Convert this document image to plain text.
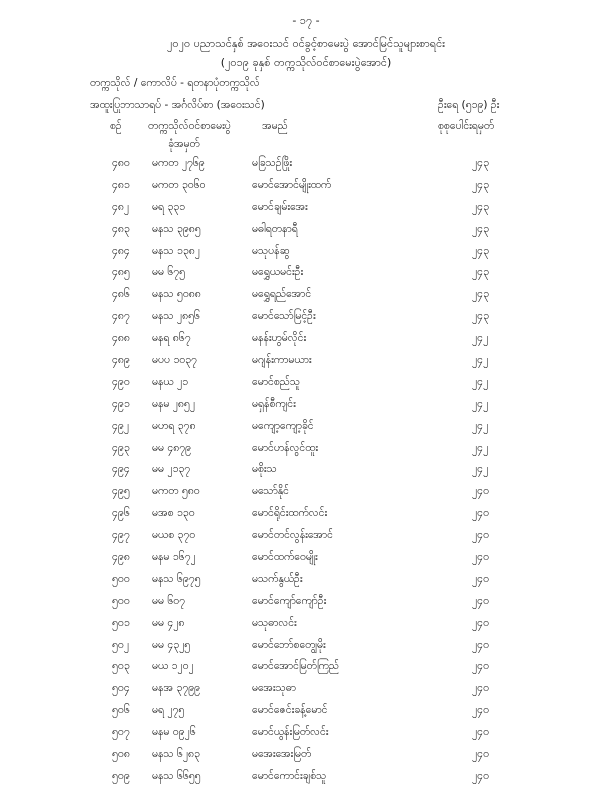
- ၁၇ -
၂၀၂၀ ပညာသင်နှစ် အဝေးသင် ဝင်ခွင့်စာမေးပွဲ အောင်မြင်သူများစာရင်း
(၂၀၁၉ ခုနှစ် တက္ကသိုလ်ဝင်စာမေးပွဲအောင်)
တက္ကသိုလ် / ကောလိပ် - ရတနာပုံတက္ကသိုလ်
အထူးပြုဘာသာရပ် - အင်္ဂလိပ်စာ (အဝေးသင်)	ဦးရေ (၅၁၉) ဦး
စဉ်	တက္ကသိုလ်ဝင်စာမေးပွဲ
ခုံအမှတ်
အမည်	စုစုပေါင်းရမှတ်
၄၈၀ မကတ ၂၇၆၉	မခြသဉ်ဖြိုး	၂၄၃
၄၈၁ မကတ ၃၀၆၀	မောင်အောင်မျိုးထက်	၂၄၃
၄၈၂ မရ ၃၃၁	မောင်ချမ်းအေး	၂၄၃
၄၈၃ မနသ ၃၉၈၅	မဓါရတနာရီ	၂၄၃
၄၈၄ မနသ ၁၃၈၂	မသုပန်ဆွ	၂၄၃
၄၈၅ မမ ၆၇၅	မရွှေယမင်းဦး	၂၄၃
၄၈၆ မနသ ၅၀၈၈	မရွှေရည်အောင်	၂၄၃
၄၈၇ မနသ ၂၈၅၆	မောင်သော်မြင့်ဦး	၂၄၃
၄၈၈ မနရ ၈၆၇	မနန်းဟွမ်လိုင်း	၂၄၂
၄၈၉ မပပ ၁၀၃၇	မဂျန်းကာမယား	၂၄၂
၄၉၀ မနယ ၂၁	မောင်စည်သူ	၂၄၂
၄၉၁ မနမ ၂၈၅၂	မရှန်စီကျင်း	၂၄၂
၄၉၂ မဟရ ၃၇၈	မကျော့ကျော့ခိုင်	၂၄၂
၄၉၃ မမ ၄၈၇၉	မောင်ဟန်လွင်ထူး	၂၄၂
၄၉၄ မမ ၂၁၃၇	မစိုးသ	၂၄၂
၄၉၅ မကတ ၅၈၀	မသော်နိုင်	၂၄၀
၄၉၆ မအစ ၁၃၀	မောင်ရိုင်းထက်လင်း	၂၄၀
၄၉၇ မယစ ၃၇၀	မောင်တင်လွန်းအောင်	၂၄၀
၄၉၈ မနမ ၁၆၇၂	မောင်ထက်ဝေမျိုး	၂၄၀
၅၀၀ မနသ ၆၉၇၅	မသက်နွယ်ဦး	၂၄၀
၅၀၀ မမ ၆၀၇	မောင်ကျော်ကျော်ဦး	၂၄၀
၅၀၁ မမ ၄၂၈	မသုဓာလင်း	၂၄၀
၅၀၂ မမ ၄၃၂၅	မောင်ဘော်စတျွေမိုး	၂၄၀
၅၀၃ မယ ၁၂၀၂	မောင်အောင်မြတ်ကြည်	၂၄၀
၅၀၄ မနအ ၃၇၉၉	မအေးသုဓာ	၂၄၀
၅၀၆ မရ ၂၇၅	မောင်ဇေင်းခန့်မောင်	၂၄၀
၅၀၇ မနမ ၀၉၂၆	မောင်ယွန်းမြတ်လင်း	၂၄၀
၅၀၈ မနသ ၆၂၈၃	မအေးအေးမြတ်	၂၄၀
၅၀၉ မနသ ၆၆၅၅	မောင်ကောင်းချစ်သူ	၂၄၀
